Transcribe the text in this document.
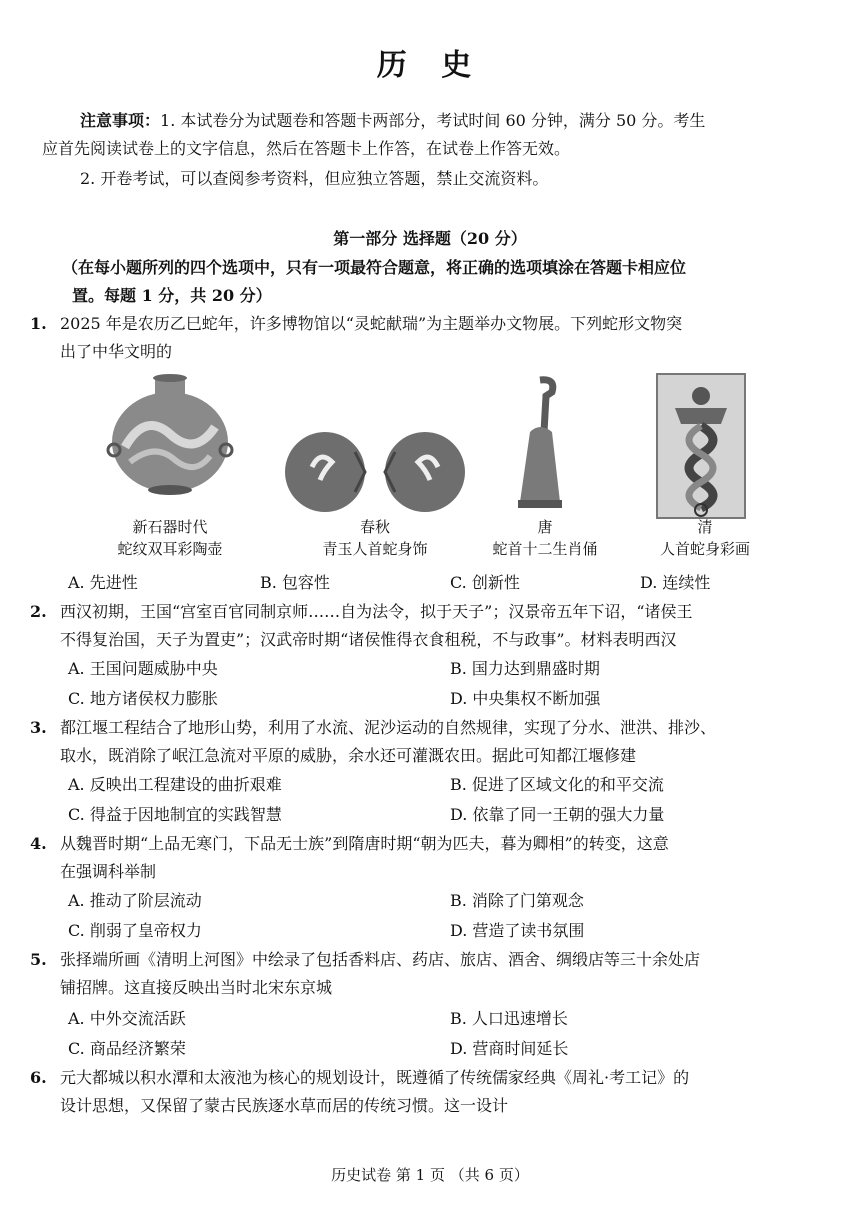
历 史
注意事项：1. 本试卷分为试题卷和答题卡两部分，考试时间 60 分钟，满分 50 分。考生
应首先阅读试卷上的文字信息，然后在答题卡上作答，在试卷上作答无效。
2. 开卷考试，可以查阅参考资料，但应独立答题，禁止交流资料。
第一部分 选择题（20 分）
（在每小题所列的四个选项中，只有一项最符合题意，将正确的选项填涂在答题卡相应位
置。每题 1 分，共 20 分）
1. 2025 年是农历乙巳蛇年，许多博物馆以“灵蛇献瑞”为主题举办文物展。下列蛇形文物突
出了中华文明的
新石器时代
蛇纹双耳彩陶壶
春秋
青玉人首蛇身饰
唐
蛇首十二生肖俑
清
人首蛇身彩画
A. 先进性	B. 包容性	C. 创新性	D. 连续性
2. 西汉初期，王国“宫室百官同制京师……自为法令，拟于天子”；汉景帝五年下诏，“诸侯王
不得复治国，天子为置吏”；汉武帝时期“诸侯惟得衣食租税，不与政事”。材料表明西汉
A. 王国问题威胁中央	B. 国力达到鼎盛时期
C. 地方诸侯权力膨胀	D. 中央集权不断加强
3. 都江堰工程结合了地形山势，利用了水流、泥沙运动的自然规律，实现了分水、泄洪、排沙、
取水，既消除了岷江急流对平原的威胁，余水还可灌溉农田。据此可知都江堰修建
A. 反映出工程建设的曲折艰难	B. 促进了区域文化的和平交流
C. 得益于因地制宜的实践智慧	D. 依靠了同一王朝的强大力量
4. 从魏晋时期“上品无寒门，下品无士族”到隋唐时期“朝为匹夫，暮为卿相”的转变，这意
在强调科举制
A. 推动了阶层流动	B. 消除了门第观念
C. 削弱了皇帝权力	D. 营造了读书氛围
5. 张择端所画《清明上河图》中绘录了包括香料店、药店、旅店、酒舍、绸缎店等三十余处店
铺招牌。这直接反映出当时北宋东京城
A. 中外交流活跃	B. 人口迅速增长
C. 商品经济繁荣	D. 营商时间延长
6. 元大都城以积水潭和太液池为核心的规划设计，既遵循了传统儒家经典《周礼·考工记》的
设计思想，又保留了蒙古民族逐水草而居的传统习惯。这一设计
历史试卷 第 1 页 （共 6 页）
